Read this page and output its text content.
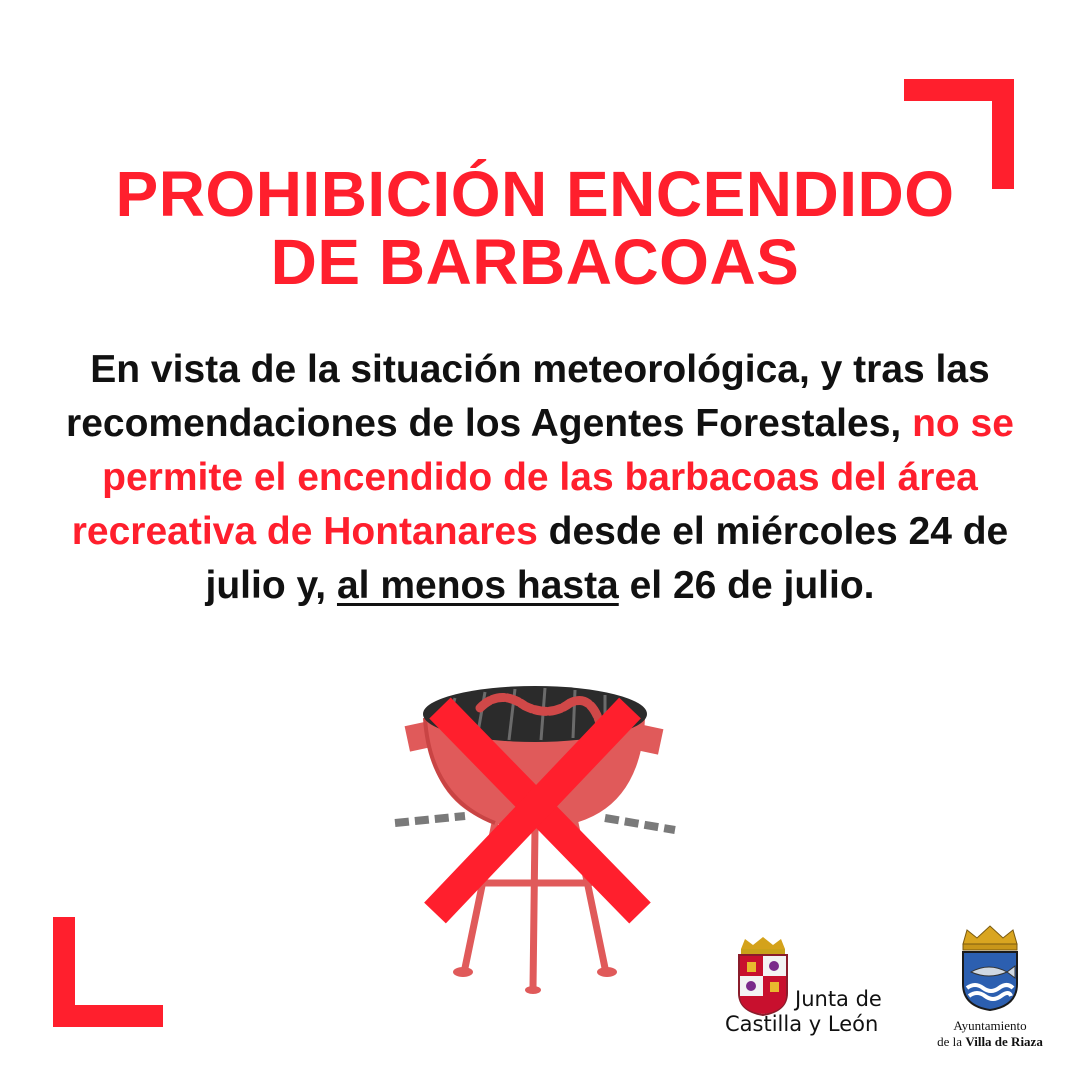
PROHIBICIÓN ENCENDIDO
DE BARBACOAS
En vista de la situación meteorológica, y tras las recomendaciones de los Agentes Forestales, no se permite el encendido de las barbacoas del área recreativa de Hontanares desde el miércoles 24 de julio y, al menos hasta el 26 de julio.
Junta de
Castilla y León	Ayuntamiento
de la Villa de Riaza
